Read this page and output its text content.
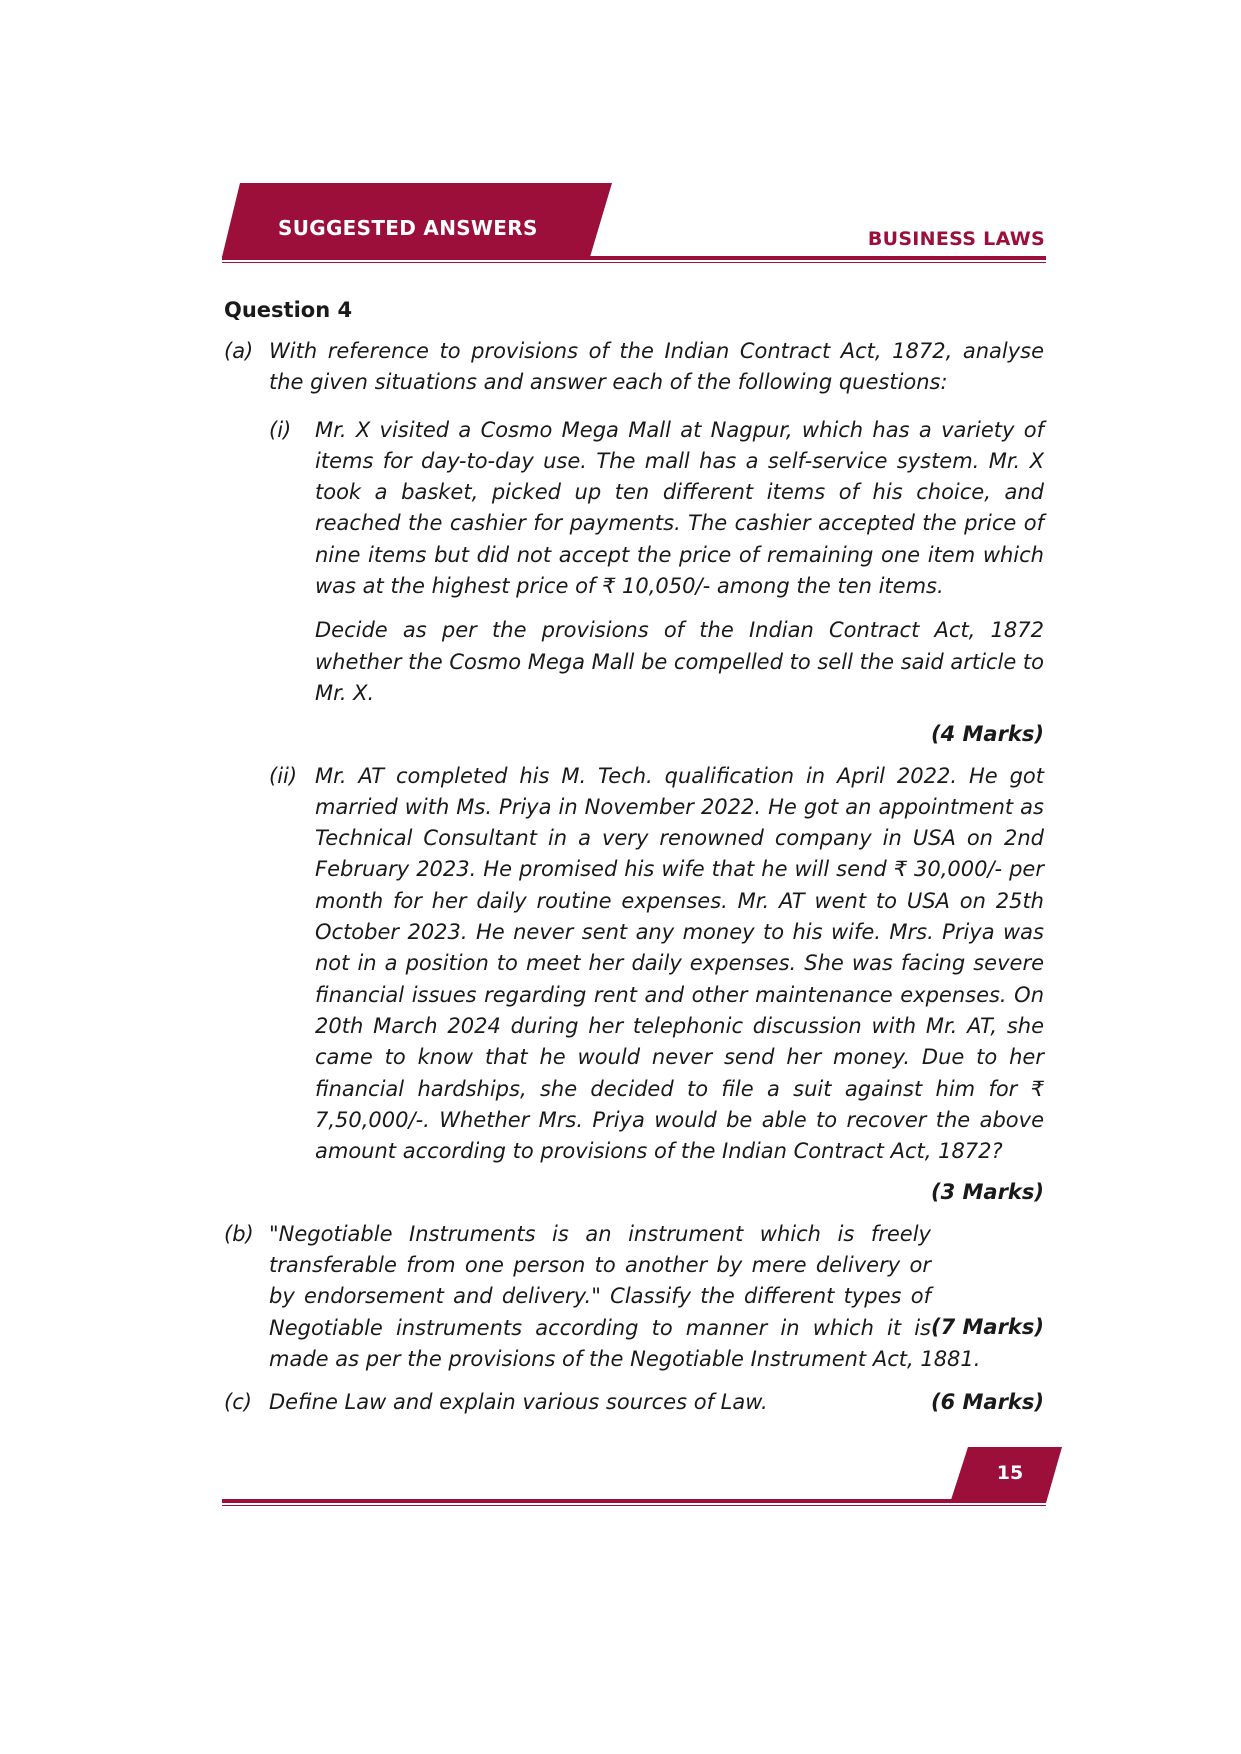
SUGGESTED ANSWERS	BUSINESS LAWS
Question 4
(a) With reference to provisions of the Indian Contract Act, 1872, analyse the given situations and answer each of the following questions:

(i) Mr. X visited a Cosmo Mega Mall at Nagpur, which has a variety of items for day-to-day use. The mall has a self-service system. Mr. X took a basket, picked up ten different items of his choice, and reached the cashier for payments. The cashier accepted the price of nine items but did not accept the price of remaining one item which was at the highest price of ₹ 10,050/- among the ten items.

Decide as per the provisions of the Indian Contract Act, 1872 whether the Cosmo Mega Mall be compelled to sell the said article to Mr. X.

(4 Marks)
(ii) Mr. AT completed his M. Tech. qualification in April 2022. He got married with Ms. Priya in November 2022. He got an appointment as Technical Consultant in a very renowned company in USA on 2nd February 2023. He promised his wife that he will send ₹ 30,000/- per month for her daily routine expenses. Mr. AT went to USA on 25th October 2023. He never sent any money to his wife. Mrs. Priya was not in a position to meet her daily expenses. She was facing severe financial issues regarding rent and other maintenance expenses. On 20th March 2024 during her telephonic discussion with Mr. AT, she came to know that he would never send her money. Due to her financial hardships, she decided to file a suit against him for ₹ 7,50,000/-. Whether Mrs. Priya would be able to recover the above amount according to provisions of the Indian Contract Act, 1872?

(3 Marks)
(b)

(7 Marks)
"Negotiable Instruments is an instrument which is freely transferable from one person to another by mere delivery or by endorsement and delivery." Classify the different types of Negotiable instruments according to manner in which it is made as per the provisions of the Negotiable Instrument Act, 1881.

(c)	(6 Marks)
Define Law and explain various sources of Law.

15
